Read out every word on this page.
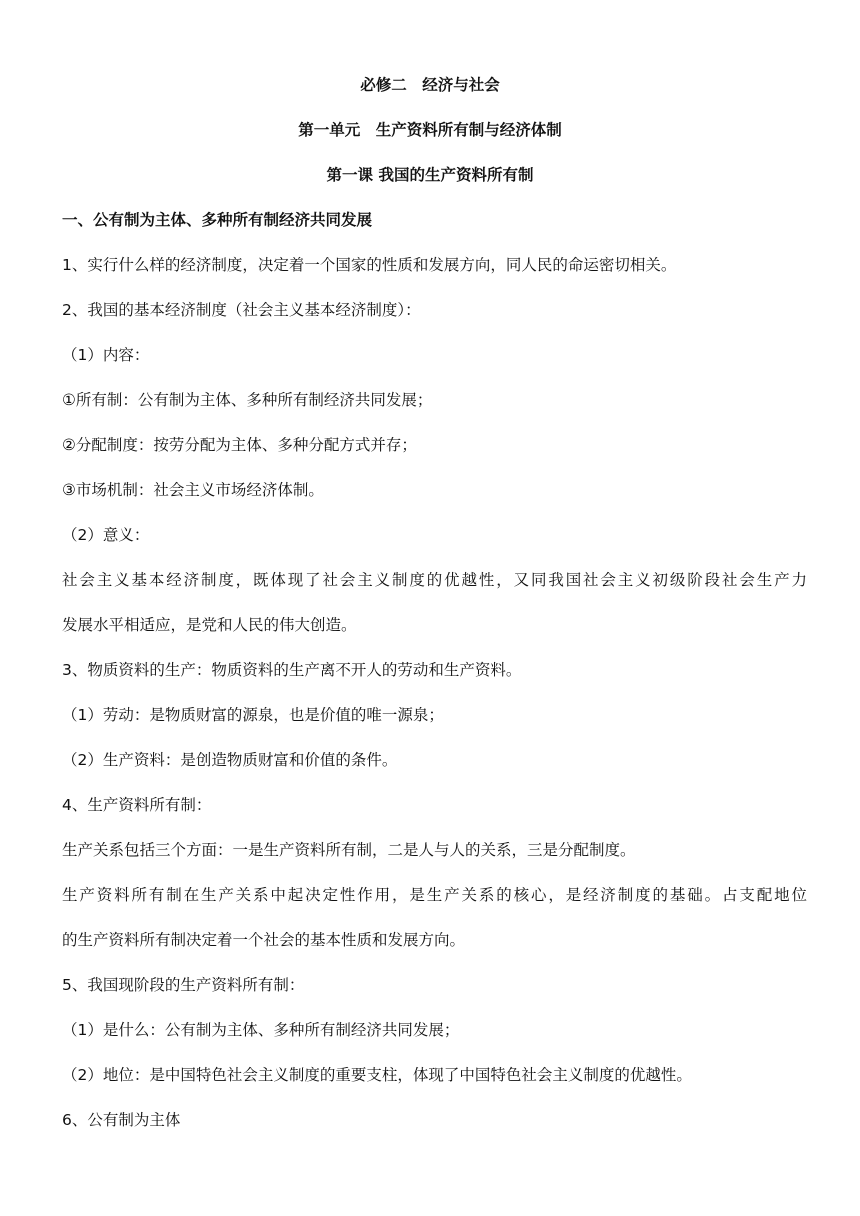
必修二　经济与社会
第一单元　生产资料所有制与经济体制
第一课 我国的生产资料所有制
一、公有制为主体、多种所有制经济共同发展
1、实行什么样的经济制度，决定着一个国家的性质和发展方向，同人民的命运密切相关。
2、我国的基本经济制度（社会主义基本经济制度）：
（1）内容：
①所有制：公有制为主体、多种所有制经济共同发展；
②分配制度：按劳分配为主体、多种分配方式并存；
③市场机制：社会主义市场经济体制。
（2）意义：
社会主义基本经济制度，既体现了社会主义制度的优越性，又同我国社会主义初级阶段社会生产力
发展水平相适应，是党和人民的伟大创造。
3、物质资料的生产：物质资料的生产离不开人的劳动和生产资料。
（1）劳动：是物质财富的源泉，也是价值的唯一源泉；
（2）生产资料：是创造物质财富和价值的条件。
4、生产资料所有制：
生产关系包括三个方面：一是生产资料所有制，二是人与人的关系，三是分配制度。
生产资料所有制在生产关系中起决定性作用，是生产关系的核心，是经济制度的基础。占支配地位
的生产资料所有制决定着一个社会的基本性质和发展方向。
5、我国现阶段的生产资料所有制：
（1）是什么：公有制为主体、多种所有制经济共同发展；
（2）地位：是中国特色社会主义制度的重要支柱，体现了中国特色社会主义制度的优越性。
6、公有制为主体
